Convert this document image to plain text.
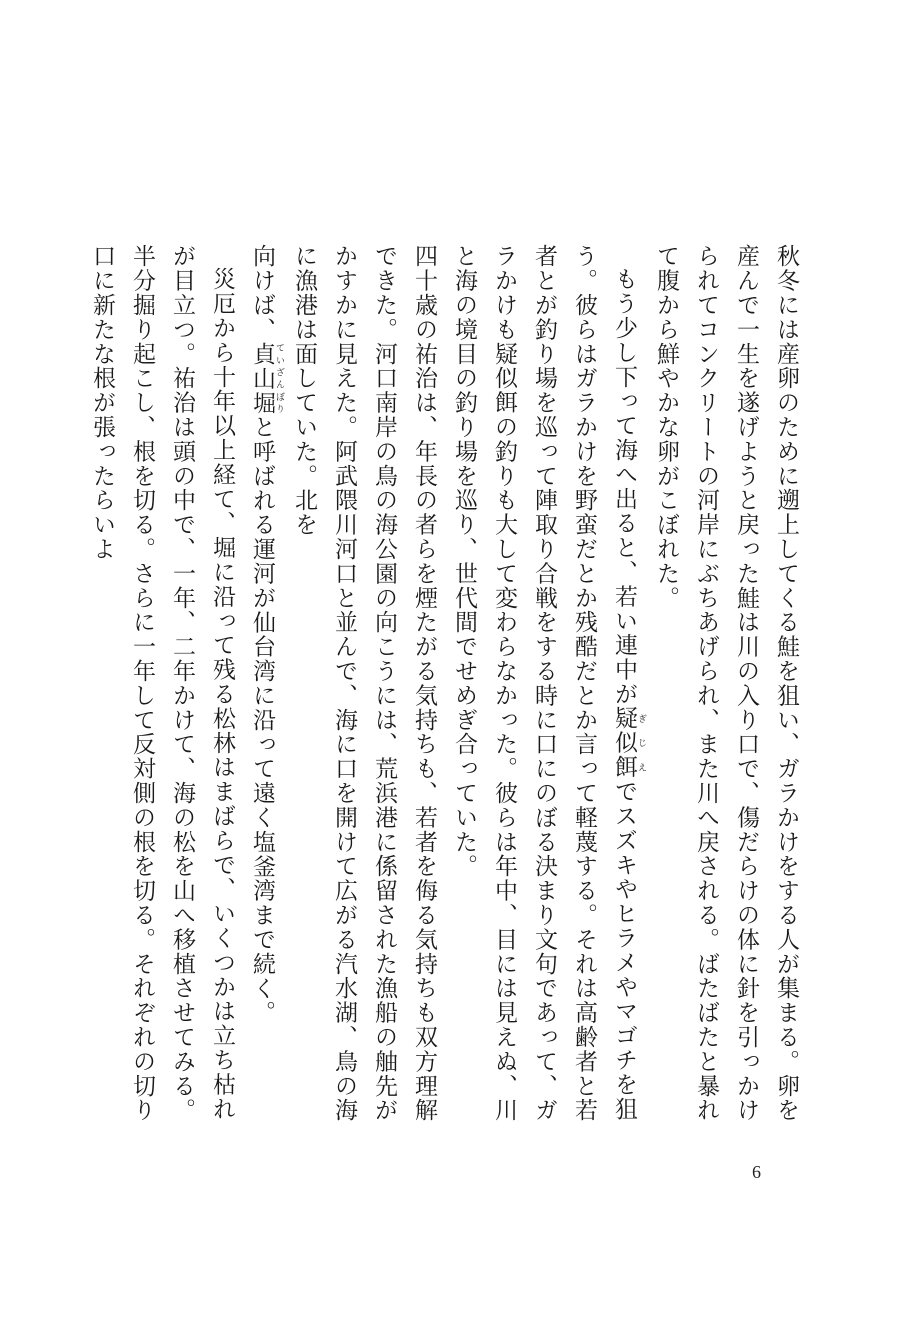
秋冬には産卵のために遡上してくる鮭を狙い、ガラかけをする人が集まる。卵を産んで一生を遂げようと戻った鮭は川の入り口で、傷だらけの体に針を引っかけられてコンクリートの河岸にぶちあげられ、また川へ戻される。ばたばたと暴れて腹から鮮やかな卵がこぼれた。

もう少し下って海へ出ると、若い連中が疑似餌 ぎじえでスズキやヒラメやマゴチを狙う。彼らはガラかけを野蛮だとか残酷だとか言って軽蔑する。それは高齢者と若者とが釣り場を巡って陣取り合戦をする時に口にのぼる決まり文句であって、ガラかけも疑似餌の釣りも大して変わらなかった。彼らは年中、目には見えぬ、川と海の境目の釣り場を巡り、世代間でせめぎ合っていた。

四十歳の祐治は、年長の者らを煙たがる気持ちも、若者を侮る気持ちも双方理解できた。河口南岸の鳥の海公園の向こうには、荒浜港に係留された漁船の舳先がかすかに見えた。阿武隈川河口と並んで、海に口を開けて広がる汽水湖、鳥の海に漁港は面していた。北を

向けば、貞山堀 ていざんぼりと呼ばれる運河が仙台湾に沿って遠く塩釜湾まで続く。

災厄から十年以上経て、堀に沿って残る松林はまばらで、いくつかは立ち枯れが目立つ。祐治は頭の中で、一年、二年かけて、海の松を山へ移植させてみる。半分掘り起こし、根を切る。さらに一年して反対側の根を切る。それぞれの切り口に新たな根が張ったらいよ

6
